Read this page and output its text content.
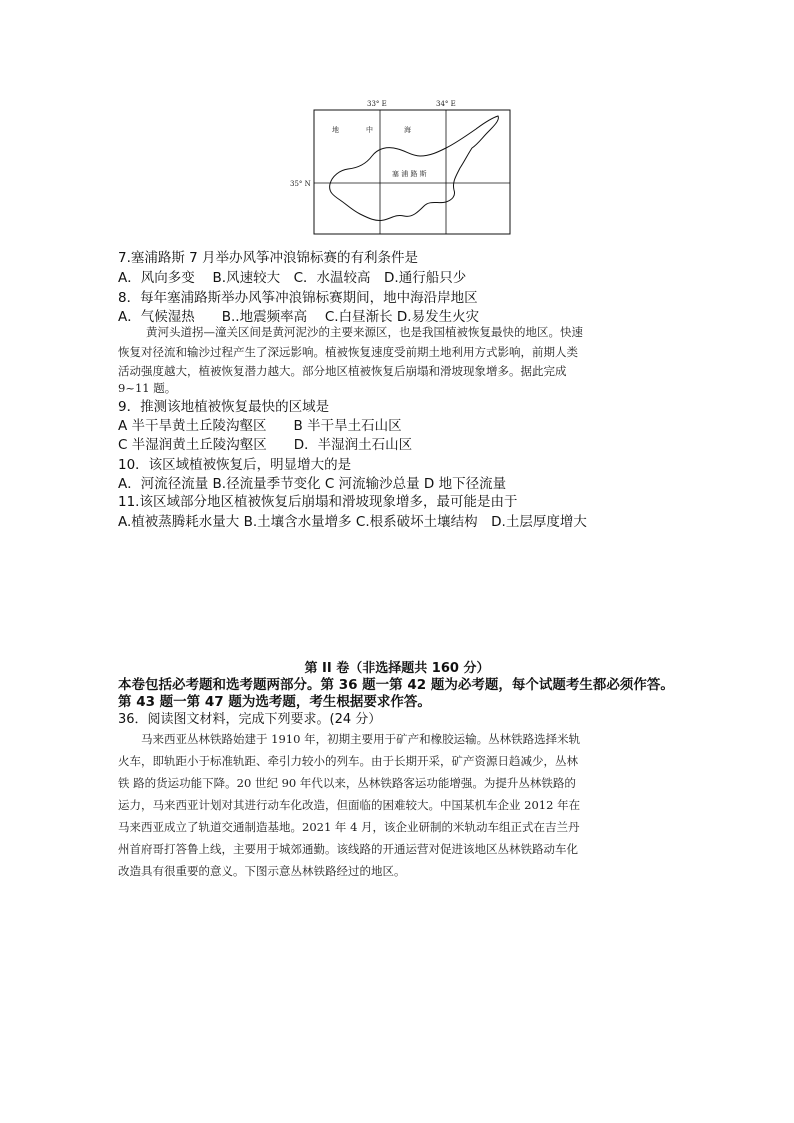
33° E	34° E
35° N
地	中	海
塞 浦 路 斯
7.塞浦路斯 7 月举办风筝冲浪锦标赛的有利条件是
A．风向多变　 B.风速较大　C．水温较高　D.通行船只少
8．每年塞浦路斯举办风筝冲浪锦标赛期间，地中海沿岸地区
A．气候湿热　　B..地震频率高　 C.白昼渐长 D.易发生火灾
黄河头道拐—潼关区间是黄河泥沙的主要来源区，也是我国植被恢复最快的地区。快速
恢复对径流和输沙过程产生了深远影响。植被恢复速度受前期土地利用方式影响，前期人类
活动强度越大，植被恢复潜力越大。部分地区植被恢复后崩塌和滑坡现象增多。据此完成
9~11 题。
9．推测该地植被恢复最快的区域是
A 半干旱黄土丘陵沟壑区　　B 半干旱土石山区
C 半湿润黄土丘陵沟壑区　　D．半湿润土石山区
10．该区域植被恢复后，明显增大的是
A．河流径流量 B.径流量季节变化 C 河流输沙总量 D 地下径流量
11.该区域部分地区植被恢复后崩塌和滑坡现象增多，最可能是由于
A.植被蒸腾耗水量大 B.土壤含水量增多 C.根系破坏土壤结构　D.土层厚度增大
第 II 卷（非选择题共 160 分）
本卷包括必考题和选考题两部分。第 36 题一第 42 题为必考题，每个试题考生都必须作答。
第 43 题一第 47 题为选考题，考生根据要求作答。
36．阅读图文材料，完成下列要求。(24 分）
　　马来西亚丛林铁路始建于 1910 年，初期主要用于矿产和橡胶运输。丛林铁路选择米轨
火车，即轨距小于标准轨距、牵引力较小的列车。由于长期开采，矿产资源日趋减少，丛林
铁 路的货运功能下降。20 世纪 90 年代以来，丛林铁路客运功能增强。为提升丛林铁路的
运力，马来西亚计划对其进行动车化改造，但面临的困难较大。中国某机车企业 2012 年在
马来西亚成立了轨道交通制造基地。2021 年 4 月，该企业研制的米轨动车组正式在吉兰丹
州首府哥打答鲁上线，主要用于城郊通勤。该线路的开通运营对促进该地区丛林铁路动车化
改造具有很重要的意义。下图示意丛林铁路经过的地区。
